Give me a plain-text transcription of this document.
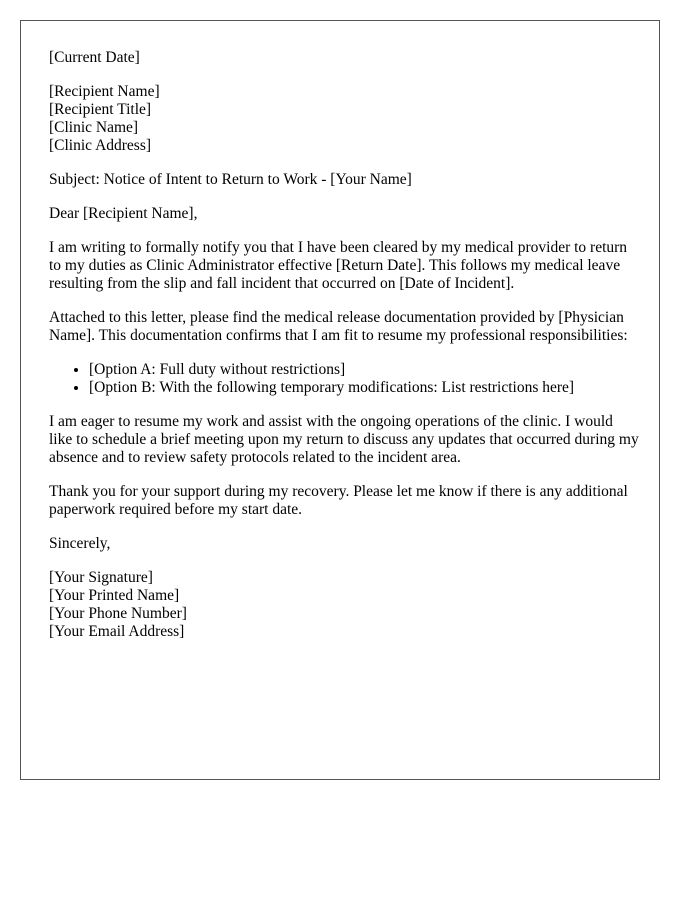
[Current Date]

[Recipient Name]
[Recipient Title]
[Clinic Name]
[Clinic Address]

Subject: Notice of Intent to Return to Work - [Your Name]

Dear [Recipient Name],

I am writing to formally notify you that I have been cleared by my medical provider to return to my duties as Clinic Administrator effective [Return Date]. This follows my medical leave resulting from the slip and fall incident that occurred on [Date of Incident].

Attached to this letter, please find the medical release documentation provided by [Physician Name]. This documentation confirms that I am fit to resume my professional responsibilities:

• [Option A: Full duty without restrictions]
• [Option B: With the following temporary modifications: List restrictions here]

I am eager to resume my work and assist with the ongoing operations of the clinic. I would like to schedule a brief meeting upon my return to discuss any updates that occurred during my absence and to review safety protocols related to the incident area.

Thank you for your support during my recovery. Please let me know if there is any additional paperwork required before my start date.

Sincerely,

[Your Signature]
[Your Printed Name]
[Your Phone Number]
[Your Email Address]
